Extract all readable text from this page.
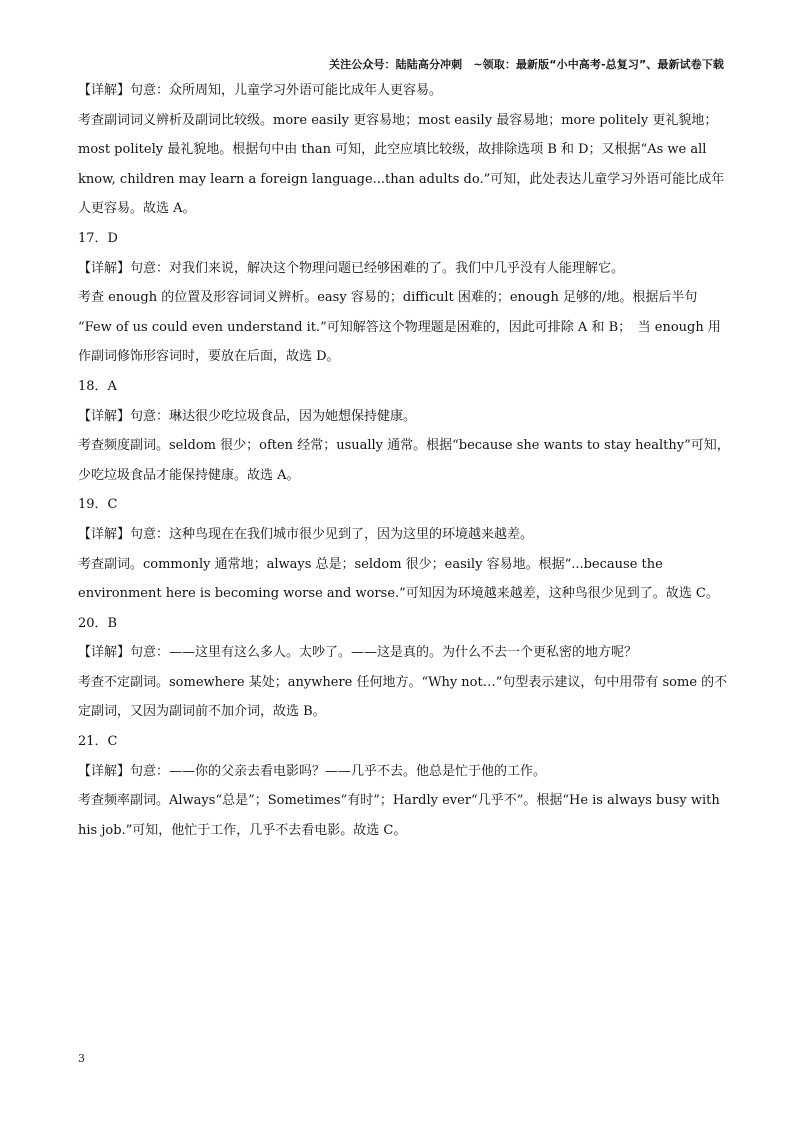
关注公众号：陆陆高分冲刺　~领取：最新版“小中高考-总复习”、最新试卷下载

【详解】句意：众所周知，儿童学习外语可能比成年人更容易。

考查副词词义辨析及副词比较级。more easily 更容易地；most easily 最容易地；more politely 更礼貌地；most politely 最礼貌地。根据句中由 than 可知，此空应填比较级，故排除选项 B 和 D；又根据“As we all know, children may learn a foreign language...than adults do.”可知，此处表达儿童学习外语可能比成年人更容易。故选 A。

17．D

【详解】句意：对我们来说，解决这个物理问题已经够困难的了。我们中几乎没有人能理解它。

考查 enough 的位置及形容词词义辨析。easy 容易的；difficult 困难的；enough 足够的/地。根据后半句 “Few of us could even understand it.”可知解答这个物理题是困难的，因此可排除 A 和 B；　当 enough 用作副词修饰形容词时，要放在后面，故选 D。

18．A

【详解】句意：琳达很少吃垃圾食品，因为她想保持健康。

考查频度副词。seldom 很少；often 经常；usually 通常。根据“because she wants to stay healthy”可知，少吃垃圾食品才能保持健康。故选 A。

19．C

【详解】句意：这种鸟现在在我们城市很少见到了，因为这里的环境越来越差。

考查副词。commonly 通常地；always 总是；seldom 很少；easily 容易地。根据“...because the environment here is becoming worse and worse.”可知因为环境越来越差，这种鸟很少见到了。故选 C。

20．B

【详解】句意：——这里有这么多人。太吵了。——这是真的。为什么不去一个更私密的地方呢？

考查不定副词。somewhere 某处；anywhere 任何地方。“Why not…”句型表示建议，句中用带有 some 的不定副词，又因为副词前不加介词，故选 B。

21．C

【详解】句意：——你的父亲去看电影吗？——几乎不去。他总是忙于他的工作。

考查频率副词。Always“总是”；Sometimes“有时”；Hardly ever“几乎不”。根据“He is always busy with his job.”可知，他忙于工作，几乎不去看电影。故选 C。

3
